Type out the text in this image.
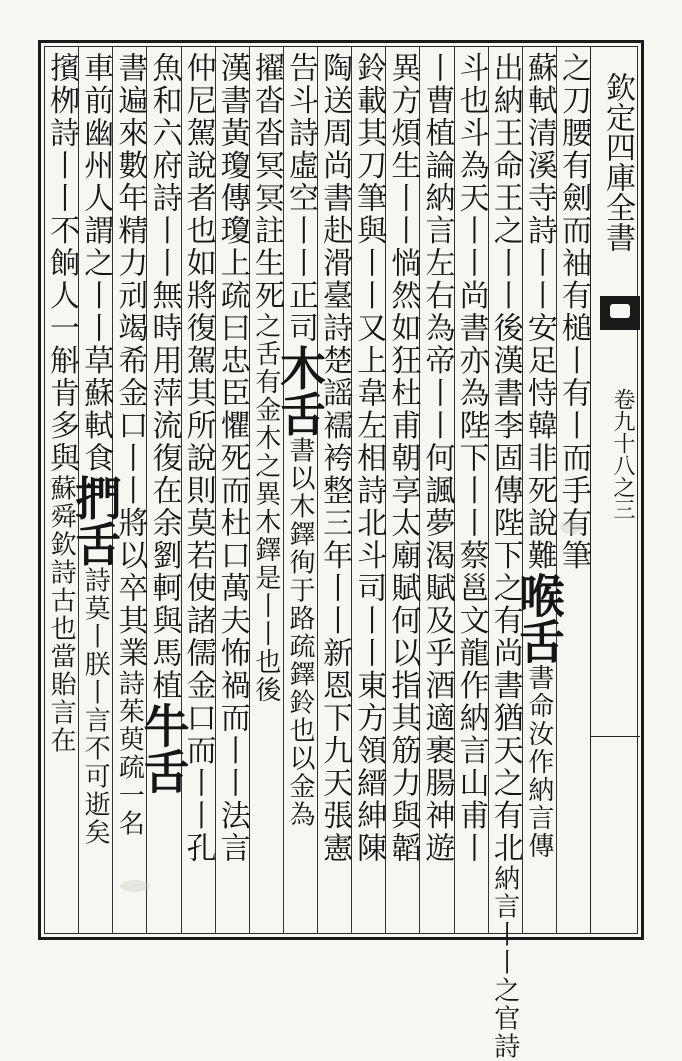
欽定四庫全書
卷九十八之三
之刀腰有劍而袖有槌丨有丨而手有筆
蘇軾清溪寺詩丨丨安足恃韓非死說難喉舌書命汝作納言傳
出納王命王之丨丨後漢書李固傳陛下之有尚書猶天之有北納言丨丨之官詩
斗也斗為天丨丨尚書亦為陛下丨丨蔡邕文龍作納言山甫丨
丨曹植論納言左右為帝丨丨何諷夢渴賦及乎酒適裹腸神遊
異方煩生丨丨惝然如狂杜甫朝享太廟賦何以指其筋力與韜
鈴載其刀筆與丨丨又上韋左相詩北斗司丨丨東方領縉紳陳
陶送周尚書赴滑臺詩楚謡襦袴整三年丨丨新恩下九天張憲
告斗詩虛空丨丨正司木舌書以木鐸徇于路疏鐸鈴也以金為
擢沓沓冥冥註生死之舌有金木之異木鐸是丨丨也後
漢書黃瓊傳瓊上疏曰忠臣懼死而杜口萬夫怖禍而丨丨法言
仲尼駕說者也如將復駕其所說則莫若使諸儒金口而丨丨孔
魚和六府詩丨丨無時用萍流復在余劉軻與馬植牛舌
書遍來數年精力刓竭希金口丨丨將以卒其業詩茱萸疏一名
車前幽州人謂之丨丨草蘇軾食捫舌詩莫丨朕丨言不可逝矣
擯栁詩丨丨不餉人一斛肯多與蘇舜欽詩古也當貽言在
